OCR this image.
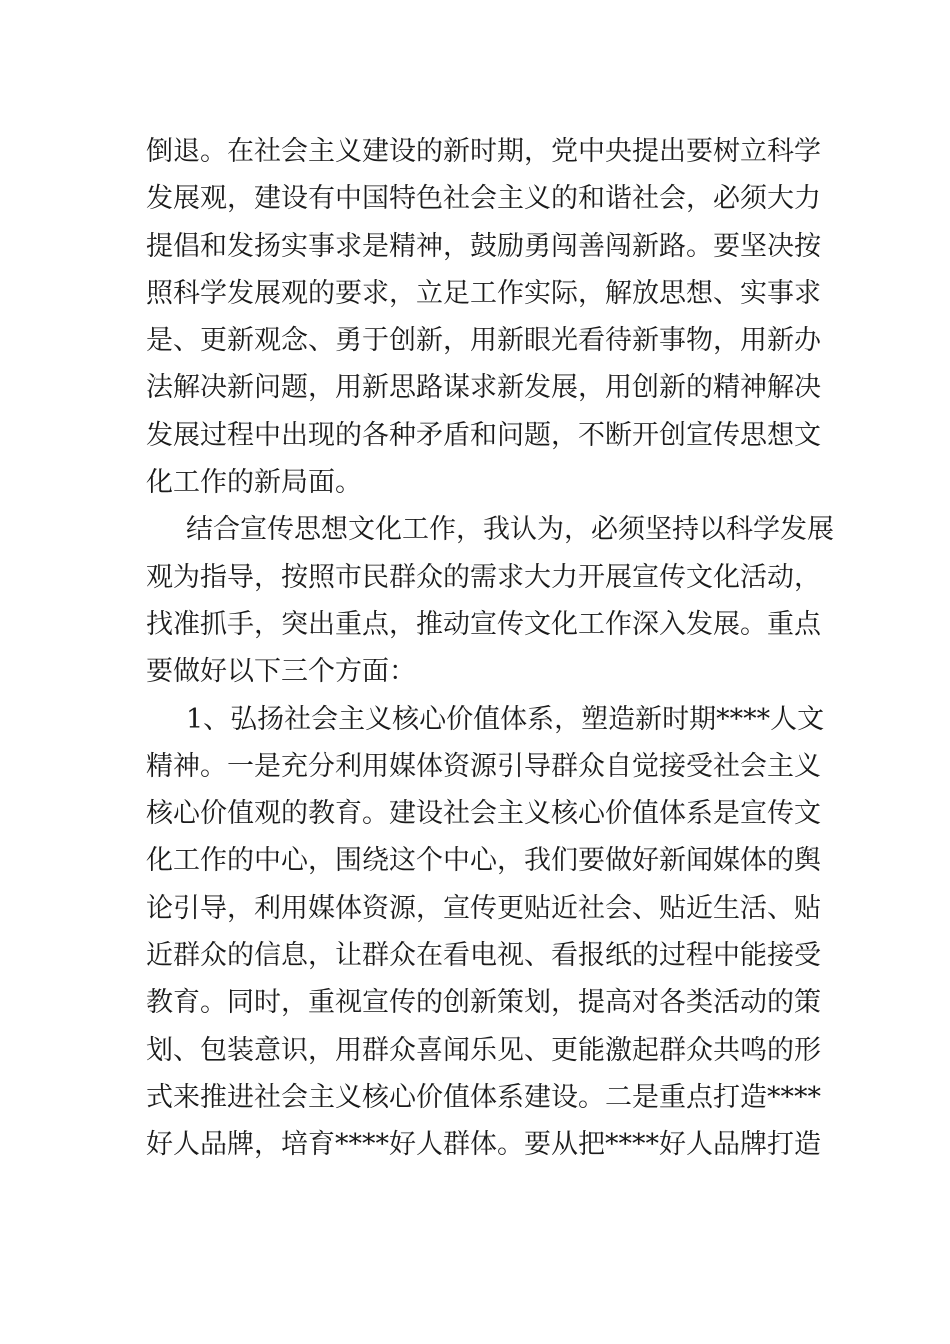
倒退。在社会主义建设的新时期，党中央提出要树立科学
发展观，建设有中国特色社会主义的和谐社会，必须大力
提倡和发扬实事求是精神，鼓励勇闯善闯新路。要坚决按
照科学发展观的要求，立足工作实际，解放思想、实事求
是、更新观念、勇于创新，用新眼光看待新事物，用新办
法解决新问题，用新思路谋求新发展，用创新的精神解决
发展过程中出现的各种矛盾和问题，不断开创宣传思想文
化工作的新局面。
结合宣传思想文化工作，我认为，必须坚持以科学发展
观为指导，按照市民群众的需求大力开展宣传文化活动，
找准抓手，突出重点，推动宣传文化工作深入发展。重点
要做好以下三个方面：
1、弘扬社会主义核心价值体系，塑造新时期****人文
精神。一是充分利用媒体资源引导群众自觉接受社会主义
核心价值观的教育。建设社会主义核心价值体系是宣传文
化工作的中心，围绕这个中心，我们要做好新闻媒体的舆
论引导，利用媒体资源，宣传更贴近社会、贴近生活、贴
近群众的信息，让群众在看电视、看报纸的过程中能接受
教育。同时，重视宣传的创新策划，提高对各类活动的策
划、包装意识，用群众喜闻乐见、更能激起群众共鸣的形
式来推进社会主义核心价值体系建设。二是重点打造****
好人品牌，培育****好人群体。要从把****好人品牌打造
